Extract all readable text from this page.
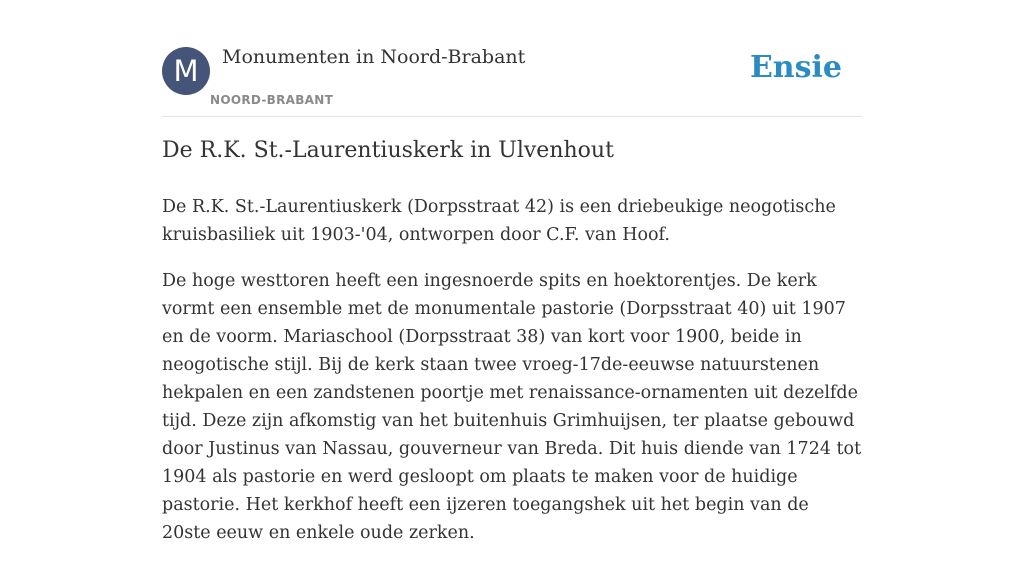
M	Monumenten in Noord-Brabant
NOORD-BRABANT
Ensie
De R.K. St.-Laurentiuskerk in Ulvenhout

De R.K. St.-Laurentiuskerk (Dorpsstraat 42) is een driebeukige neogotische kruisbasiliek uit 1903-'04, ontworpen door C.F. van Hoof.

De hoge westtoren heeft een ingesnoerde spits en hoektorentjes. De kerk vormt een ensemble met de monumentale pastorie (Dorpsstraat 40) uit 1907 en de voorm. Mariaschool (Dorpsstraat 38) van kort voor 1900, beide in neogotische stijl. Bij de kerk staan twee vroeg-17de-eeuwse natuurstenen hekpalen en een zandstenen poortje met renaissance-ornamenten uit dezelfde tijd. Deze zijn afkomstig van het buitenhuis Grimhuijsen, ter plaatse gebouwd door Justinus van Nassau, gouverneur van Breda. Dit huis diende van 1724 tot 1904 als pastorie en werd gesloopt om plaats te maken voor de huidige pastorie. Het kerkhof heeft een ijzeren toegangshek uit het begin van de 20ste eeuw en enkele oude zerken.
